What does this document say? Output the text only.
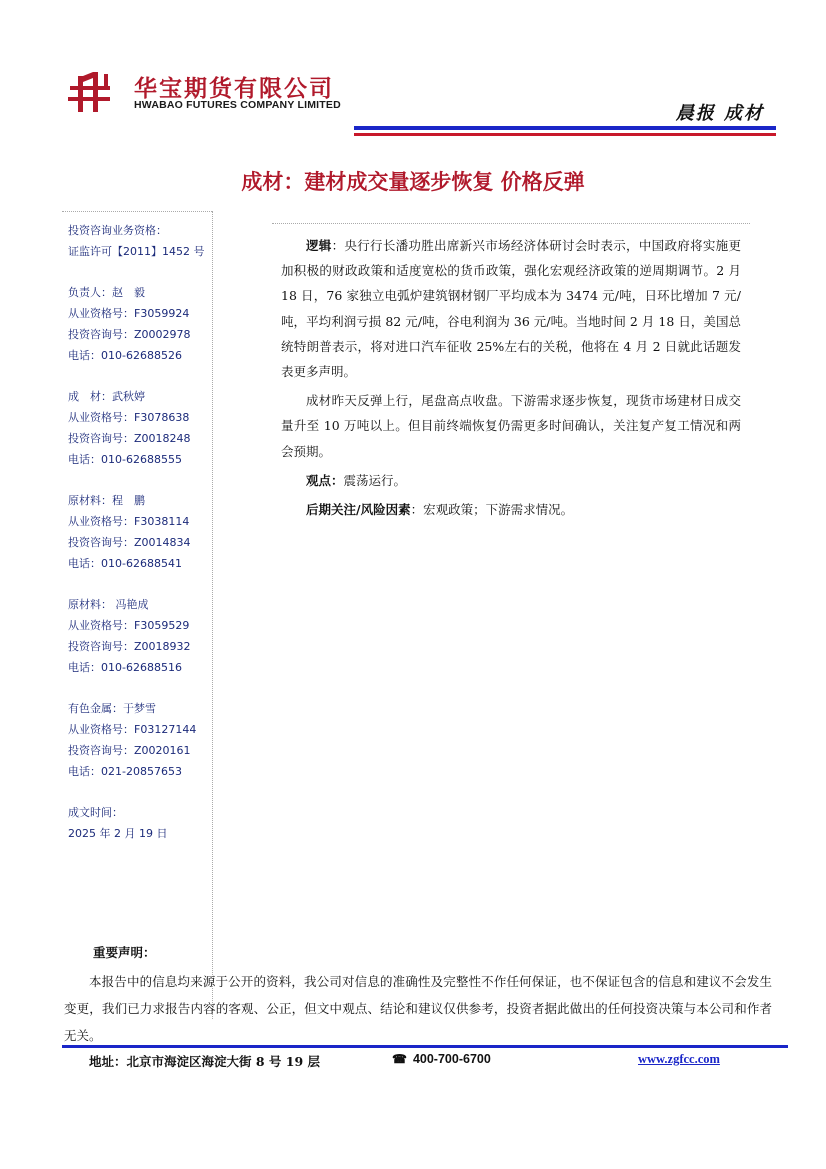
华宝期货有限公司
HWABAO FUTURES COMPANY LIMITED	晨报 成材
成材：建材成交量逐步恢复 价格反弹
投资咨询业务资格：
证监许可【2011】1452 号
负责人：赵　毅
从业资格号：F3059924
投资咨询号：Z0002978
电话：010-62688526
成　材：武秋婷
从业资格号：F3078638
投资咨询号：Z0018248
电话：010-62688555
原材料：程　鹏
从业资格号：F3038114
投资咨询号：Z0014834
电话：010-62688541
原材料： 冯艳成
从业资格号：F3059529
投资咨询号：Z0018932
电话：010-62688516
有色金属：于梦雪
从业资格号：F03127144
投资咨询号：Z0020161
电话：021-20857653
成文时间：
2025 年 2 月 19 日

逻辑：央行行长潘功胜出席新兴市场经济体研讨会时表示，中国政府将实施更加积极的财政政策和适度宽松的货币政策，强化宏观经济政策的逆周期调节。2 月 18 日，76 家独立电弧炉建筑钢材钢厂平均成本为 3474 元/吨，日环比增加 7 元/吨，平均利润亏损 82 元/吨，谷电利润为 36 元/吨。当地时间 2 月 18 日，美国总统特朗普表示，将对进口汽车征收 25%左右的关税，他将在 4 月 2 日就此话题发表更多声明。

成材昨天反弹上行，尾盘高点收盘。下游需求逐步恢复，现货市场建材日成交量升至 10 万吨以上。但目前终端恢复仍需更多时间确认，关注复产复工情况和两会预期。

观点：震荡运行。

后期关注/风险因素：宏观政策；下游需求情况。

重要声明：
本报告中的信息均来源于公开的资料，我公司对信息的准确性及完整性不作任何保证，也不保证包含的信息和建议不会发生变更，我们已力求报告内容的客观、公正，但文中观点、结论和建议仅供参考，投资者据此做出的任何投资决策与本公司和作者无关。
地址：北京市海淀区海淀大街 8 号 19 层	☎ 400-700-6700	www.zgfcc.com
